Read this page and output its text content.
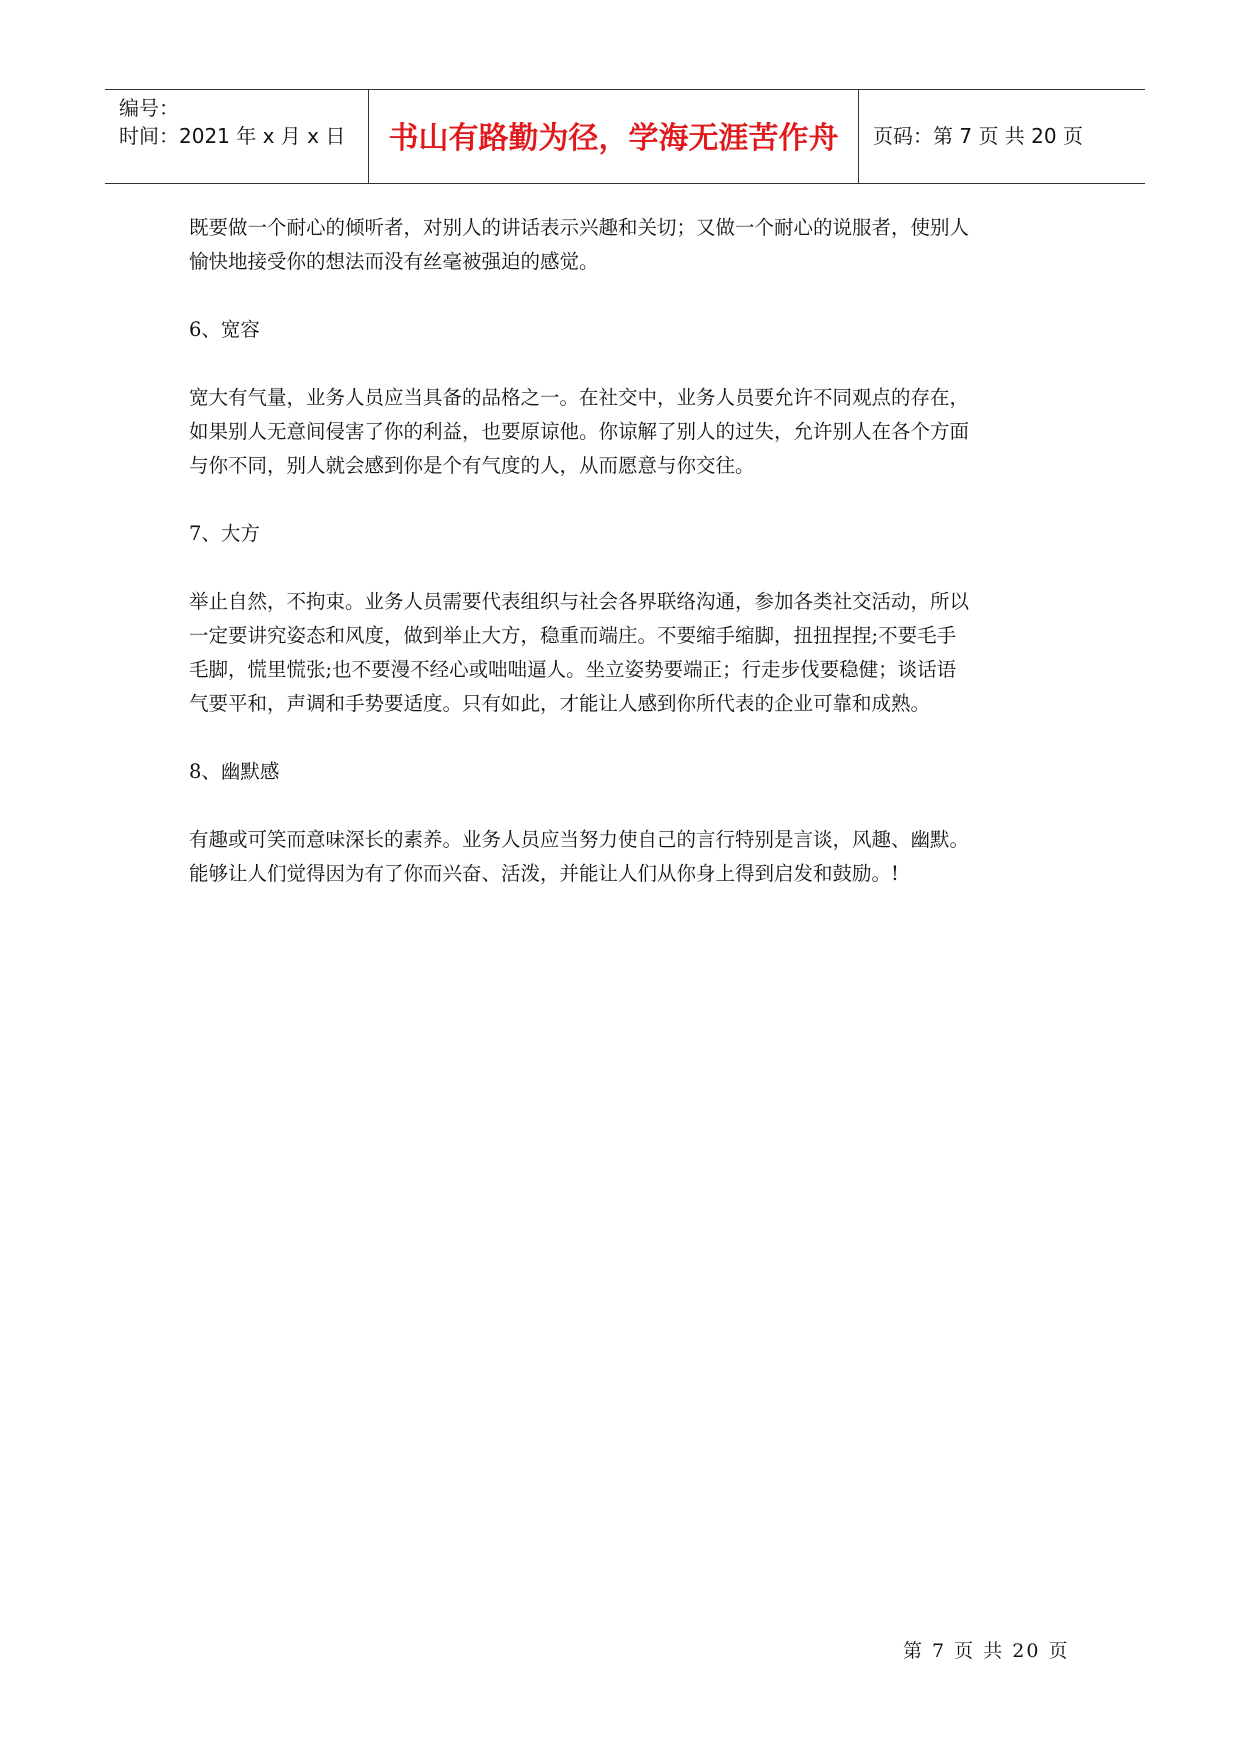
编号：
时间：2021 年 x 月 x 日	书山有路勤为径，学海无涯苦作舟	页码：第 7 页 共 20 页

既要做一个耐心的倾听者，对别人的讲话表示兴趣和关切；又做一个耐心的说服者，使别人

愉快地接受你的想法而没有丝毫被强迫的感觉。

6、宽容

宽大有气量，业务人员应当具备的品格之一。在社交中，业务人员要允许不同观点的存在，

如果别人无意间侵害了你的利益，也要原谅他。你谅解了别人的过失，允许别人在各个方面

与你不同，别人就会感到你是个有气度的人，从而愿意与你交往。

7、大方

举止自然，不拘束。业务人员需要代表组织与社会各界联络沟通，参加各类社交活动，所以

一定要讲究姿态和风度，做到举止大方，稳重而端庄。不要缩手缩脚，扭扭捏捏;不要毛手

毛脚，慌里慌张;也不要漫不经心或咄咄逼人。坐立姿势要端正；行走步伐要稳健；谈话语

气要平和，声调和手势要适度。只有如此，才能让人感到你所代表的企业可靠和成熟。

8、幽默感

有趣或可笑而意味深长的素养。业务人员应当努力使自己的言行特别是言谈，风趣、幽默。

能够让人们觉得因为有了你而兴奋、活泼，并能让人们从你身上得到启发和鼓励。!

第 7 页 共 20 页
